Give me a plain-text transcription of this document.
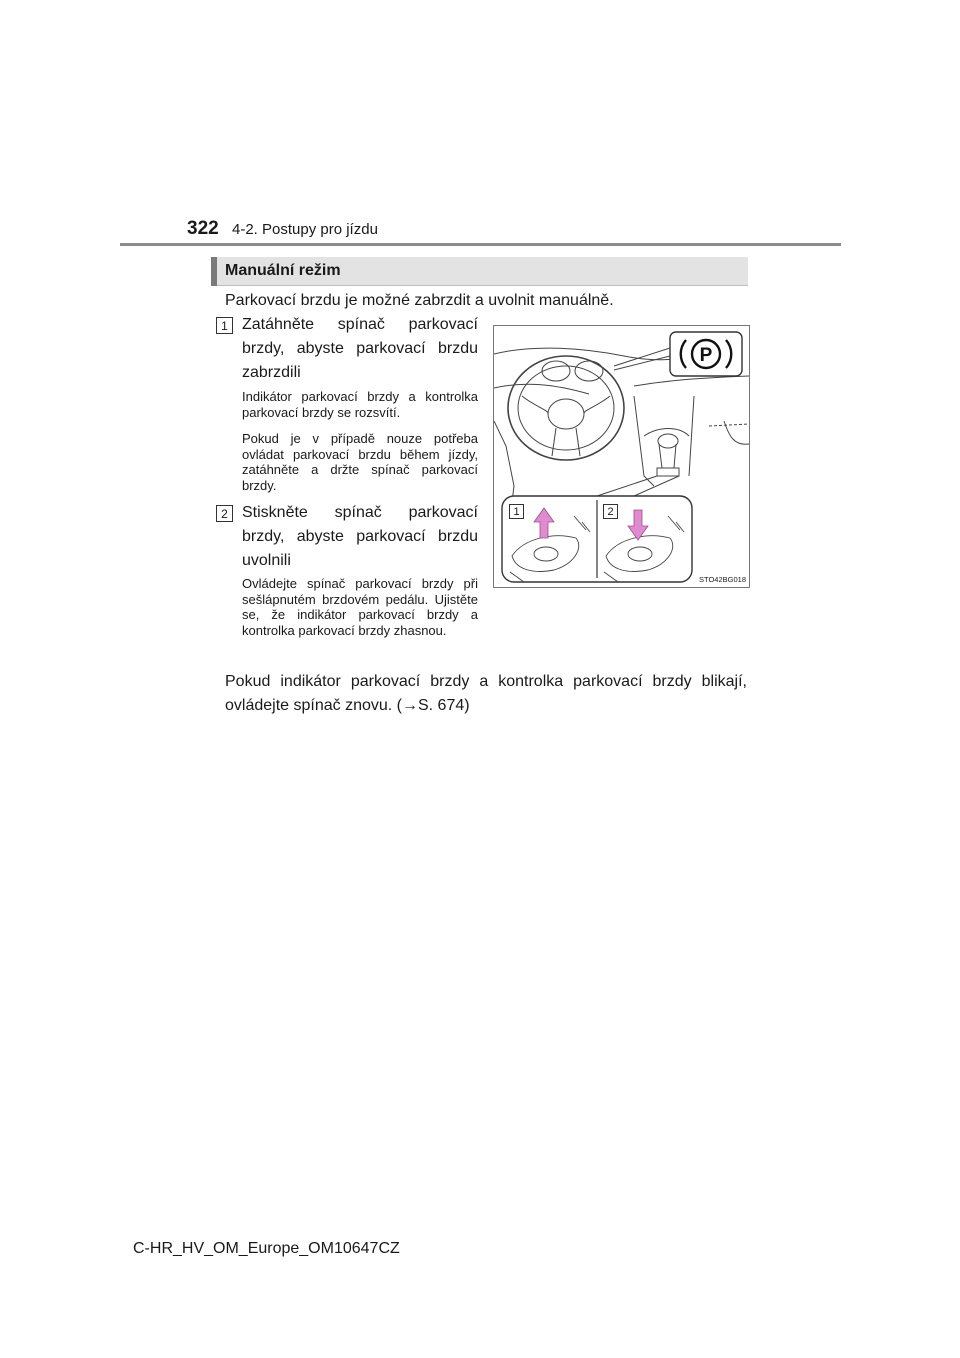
322 4-2. Postupy pro jízdu
Manuální režim
Parkovací brzdu je možné zabrzdit a uvolnit manuálně.
1 Zatáhněte spínač parkovací brzdy, abyste parkovací brzdu zabrzdili
Indikátor parkovací brzdy a kontrolka parkovací brzdy se rozsvítí.
Pokud je v případě nouze potřeba ovládat parkovací brzdu během jízdy, zatáhněte a držte spínač parkovací brzdy.
2 Stiskněte spínač parkovací brzdy, abyste parkovací brzdu uvolnili
Ovládejte spínač parkovací brzdy při sešlápnutém brzdovém pedálu. Ujistěte se, že indikátor parkovací brzdy a kontrolka parkovací brzdy zhasnou.
Pokud indikátor parkovací brzdy a kontrolka parkovací brzdy blikají, ovládejte spínač znovu. (→S. 674)
P
1	2
STO42BG018
C-HR_HV_OM_Europe_OM10647CZ
